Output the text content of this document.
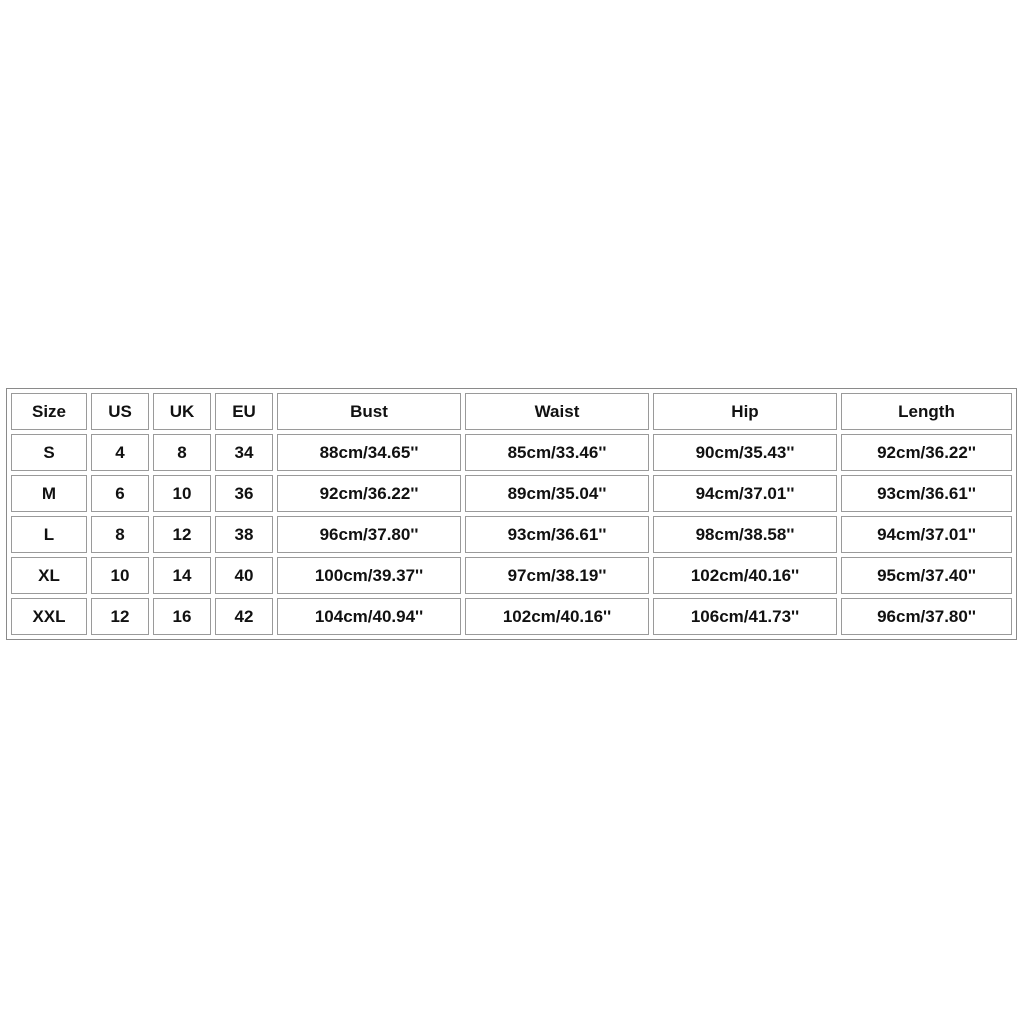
Size	US	UK	EU	Bust	Waist	Hip	Length
S	4	8	34	88cm/34.65''	85cm/33.46''	90cm/35.43''	92cm/36.22''
M	6	10	36	92cm/36.22''	89cm/35.04''	94cm/37.01''	93cm/36.61''
L	8	12	38	96cm/37.80''	93cm/36.61''	98cm/38.58''	94cm/37.01''
XL	10	14	40	100cm/39.37''	97cm/38.19''	102cm/40.16''	95cm/37.40''
XXL	12	16	42	104cm/40.94''	102cm/40.16''	106cm/41.73''	96cm/37.80''
